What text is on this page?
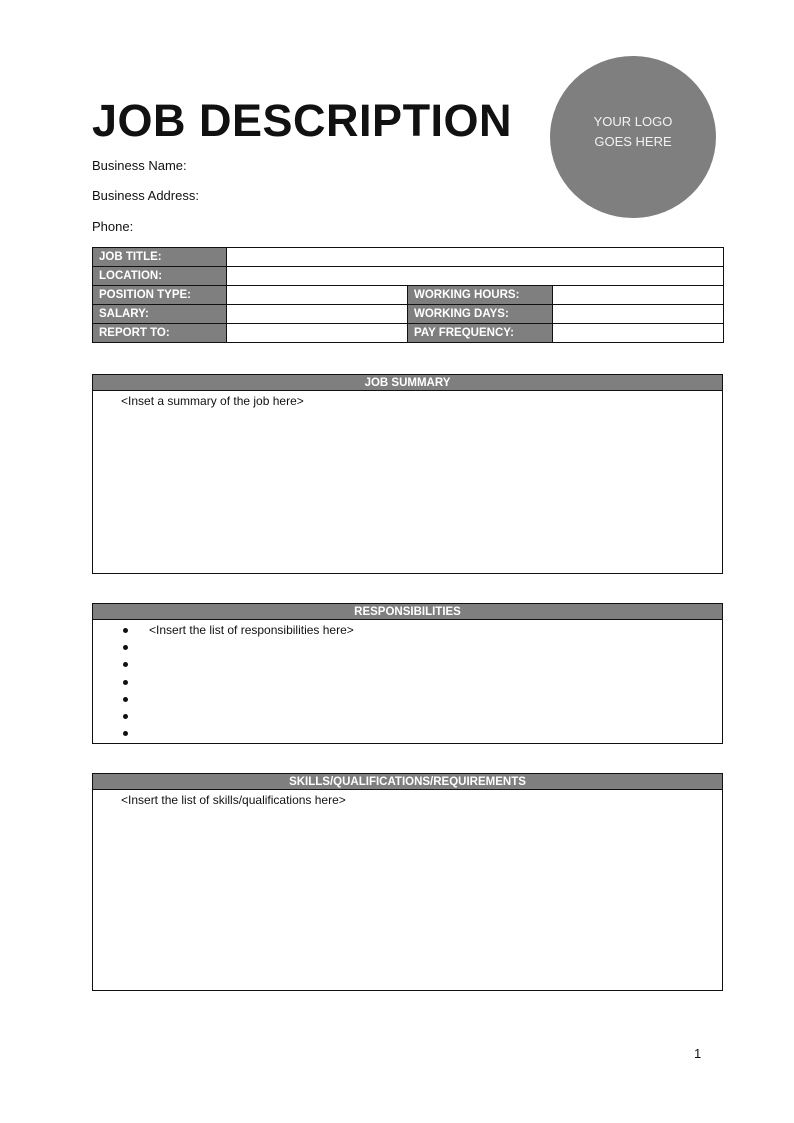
JOB DESCRIPTION
Business Name:
Business Address:
Phone:
YOUR LOGO
GOES HERE
JOB TITLE:			
LOCATION:			
POSITION TYPE:		WORKING HOURS:	
SALARY:		WORKING DAYS:	
REPORT TO:		PAY FREQUENCY:	
JOB SUMMARY
<Inset a summary of the job here>
RESPONSIBILITIES
<Insert the list of responsibilities here>
SKILLS/QUALIFICATIONS/REQUIREMENTS
<Insert the list of skills/qualifications here>
1
